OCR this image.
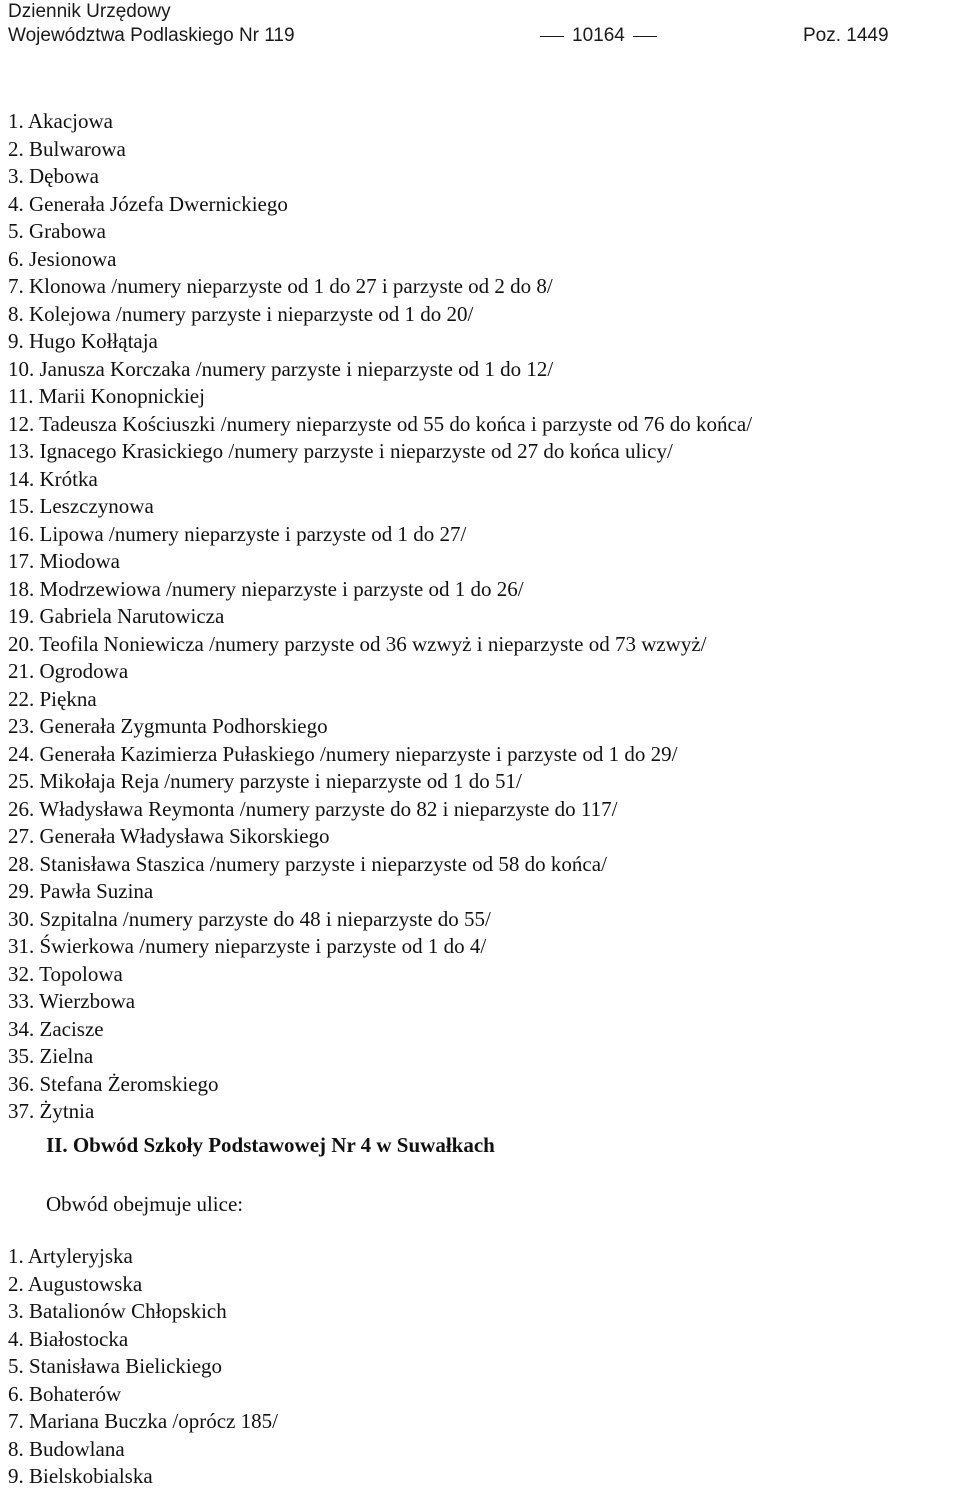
Dziennik Urzędowy
Województwa Podlaskiego Nr 119	10164	Poz. 1449
1. Akacjowa
2. Bulwarowa
3. Dębowa
4. Generała Józefa Dwernickiego
5. Grabowa
6. Jesionowa
7. Klonowa /numery nieparzyste od 1 do 27 i parzyste od 2 do 8/
8. Kolejowa /numery parzyste i nieparzyste od 1 do 20/
9. Hugo Kołłątaja
10. Janusza Korczaka /numery parzyste i nieparzyste od 1 do 12/
11. Marii Konopnickiej
12. Tadeusza Kościuszki /numery nieparzyste od 55 do końca i parzyste od 76 do końca/
13. Ignacego Krasickiego /numery parzyste i nieparzyste od 27 do końca ulicy/
14. Krótka
15. Leszczynowa
16. Lipowa /numery nieparzyste i parzyste od 1 do 27/
17. Miodowa
18. Modrzewiowa /numery nieparzyste i parzyste od 1 do 26/
19. Gabriela Narutowicza
20. Teofila Noniewicza /numery parzyste od 36 wzwyż i nieparzyste od 73 wzwyż/
21. Ogrodowa
22. Piękna
23. Generała Zygmunta Podhorskiego
24. Generała Kazimierza Pułaskiego /numery nieparzyste i parzyste od 1 do 29/
25. Mikołaja Reja /numery parzyste i nieparzyste od 1 do 51/
26. Władysława Reymonta /numery parzyste do 82 i nieparzyste do 117/
27. Generała Władysława Sikorskiego
28. Stanisława Staszica /numery parzyste i nieparzyste od 58 do końca/
29. Pawła Suzina
30. Szpitalna /numery parzyste do 48 i nieparzyste do 55/
31. Świerkowa /numery nieparzyste i parzyste od 1 do 4/
32. Topolowa
33. Wierzbowa
34. Zacisze
35. Zielna
36. Stefana Żeromskiego
37. Żytnia
II. Obwód Szkoły Podstawowej Nr 4 w Suwałkach
Obwód obejmuje ulice:
1. Artyleryjska
2. Augustowska
3. Batalionów Chłopskich
4. Białostocka
5. Stanisława Bielickiego
6. Bohaterów
7. Mariana Buczka /oprócz 185/
8. Budowlana
9. Bielskobialska
